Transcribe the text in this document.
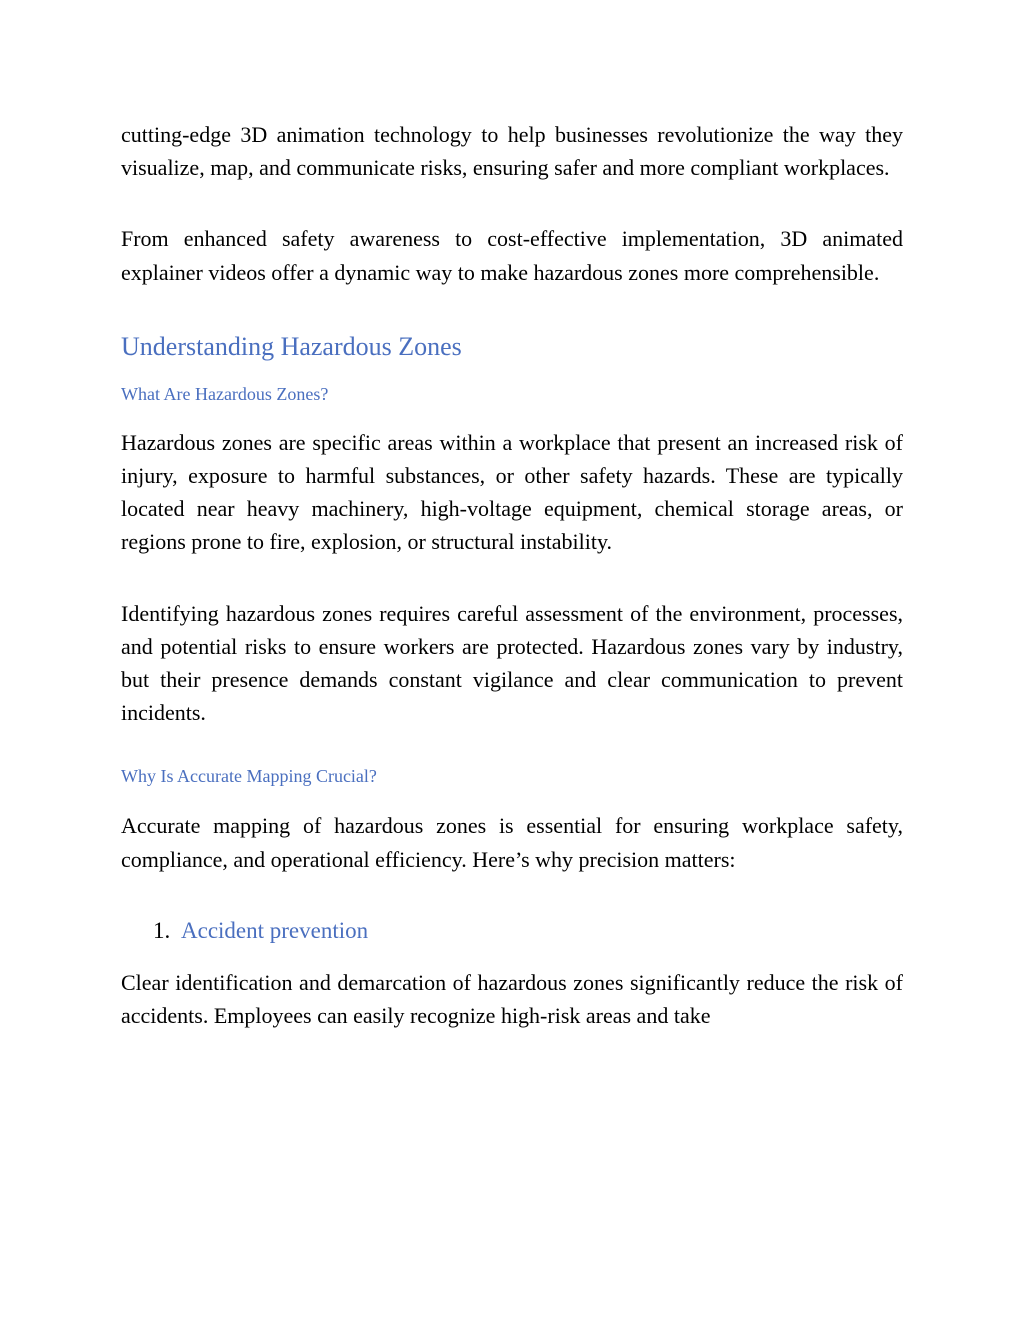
cutting-edge 3D animation technology to help businesses revolutionize the way they visualize, map, and communicate risks, ensuring safer and more compliant workplaces.

From enhanced safety awareness to cost-effective implementation, 3D animated explainer videos offer a dynamic way to make hazardous zones more comprehensible.

Understanding Hazardous Zones
What Are Hazardous Zones?

Hazardous zones are specific areas within a workplace that present an increased risk of injury, exposure to harmful substances, or other safety hazards. These are typically located near heavy machinery, high-voltage equipment, chemical storage areas, or regions prone to fire, explosion, or structural instability.

Identifying hazardous zones requires careful assessment of the environment, processes, and potential risks to ensure workers are protected. Hazardous zones vary by industry, but their presence demands constant vigilance and clear communication to prevent incidents.

Why Is Accurate Mapping Crucial?

Accurate mapping of hazardous zones is essential for ensuring workplace safety, compliance, and operational efficiency. Here’s why precision matters:

1. Accident prevention

Clear identification and demarcation of hazardous zones significantly reduce the risk of accidents. Employees can easily recognize high-risk areas and take
